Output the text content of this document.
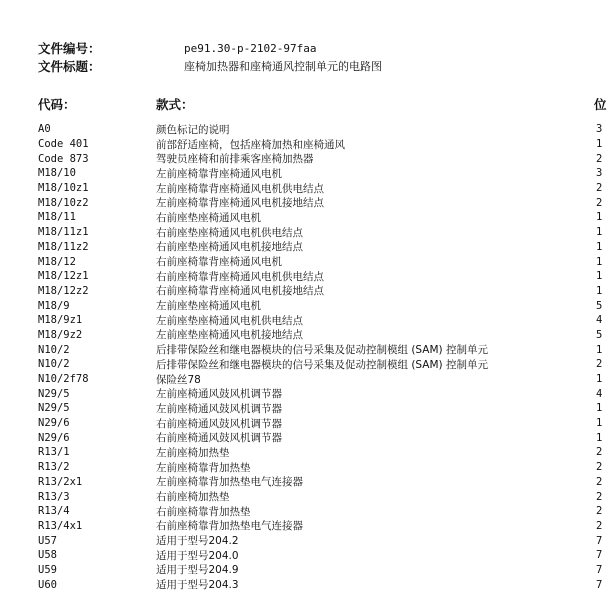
文件编号：	pe91.30-p-2102-97faa
文件标题：	座椅加热器和座椅通风控制单元的电路图
代码：	款式：	位
A0	颜色标记的说明	3
Code 401	前部舒适座椅，包括座椅加热和座椅通风	1
Code 873	驾驶员座椅和前排乘客座椅加热器	2
M18/10	左前座椅靠背座椅通风电机	3
M18/10z1	左前座椅靠背座椅通风电机供电结点	2
M18/10z2	左前座椅靠背座椅通风电机接地结点	2
M18/11	右前座垫座椅通风电机	1
M18/11z1	右前座垫座椅通风电机供电结点	1
M18/11z2	右前座垫座椅通风电机接地结点	1
M18/12	右前座椅靠背座椅通风电机	1
M18/12z1	右前座椅靠背座椅通风电机供电结点	1
M18/12z2	右前座椅靠背座椅通风电机接地结点	1
M18/9	左前座垫座椅通风电机	5
M18/9z1	左前座垫座椅通风电机供电结点	4
M18/9z2	左前座垫座椅通风电机接地结点	5
N10/2	后排带保险丝和继电器模块的信号采集及促动控制模组 (SAM) 控制单元	1
N10/2	后排带保险丝和继电器模块的信号采集及促动控制模组 (SAM) 控制单元	2
N10/2f78	保险丝78	1
N29/5	左前座椅通风鼓风机调节器	4
N29/5	左前座椅通风鼓风机调节器	1
N29/6	右前座椅通风鼓风机调节器	1
N29/6	右前座椅通风鼓风机调节器	1
R13/1	左前座椅加热垫	2
R13/2	左前座椅靠背加热垫	2
R13/2x1	左前座椅靠背加热垫电气连接器	2
R13/3	右前座椅加热垫	2
R13/4	右前座椅靠背加热垫	2
R13/4x1	右前座椅靠背加热垫电气连接器	2
U57	适用于型号204.2	7
U58	适用于型号204.0	7
U59	适用于型号204.9	7
U60	适用于型号204.3	7
